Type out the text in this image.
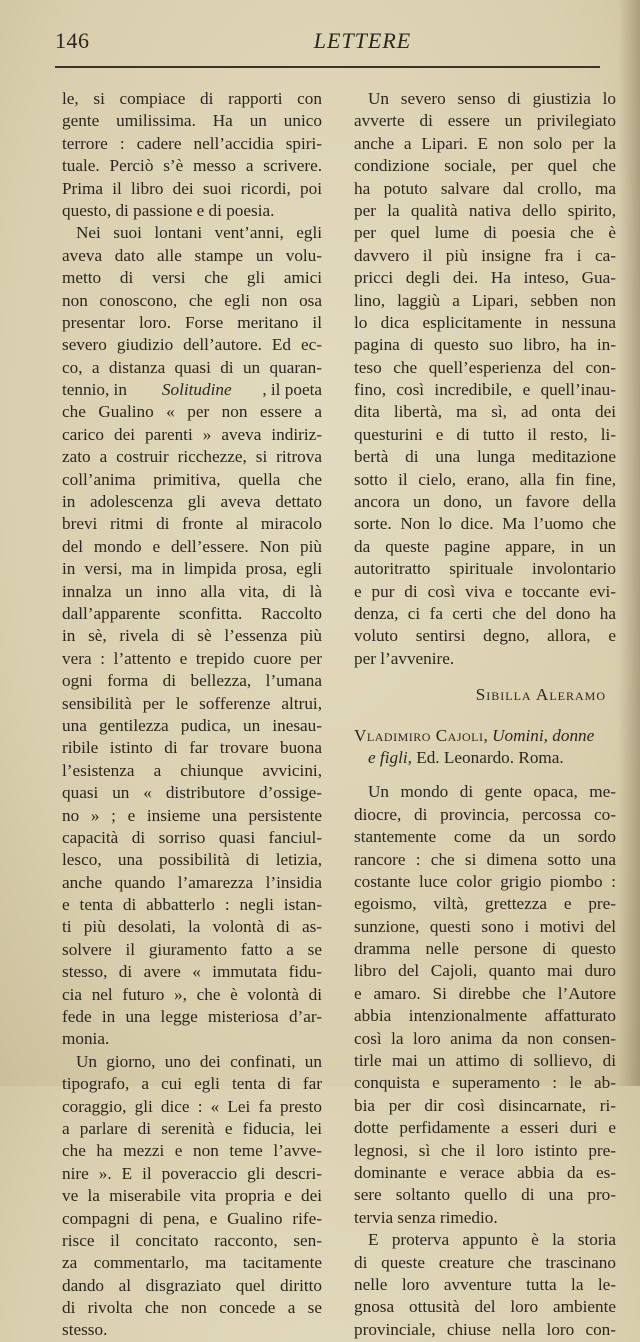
146	LETTERE
le, si compiace di rapporti con
gente umilissima. Ha un unico
terrore : cadere nell’accidia spiri-
tuale. Perciò s’è messo a scrivere.
Prima il libro dei suoi ricordi, poi
questo, di passione e di poesia.
Nei suoi lontani vent’anni, egli
aveva dato alle stampe un volu-
metto di versi che gli amici
non conoscono, che egli non osa
presentar loro. Forse meritano il
severo giudizio dell’autore. Ed ec-
co, a distanza quasi di un quaran-
tennio, in Solitudine , il poeta
che Gualino « per non essere a
carico dei parenti » aveva indiriz-
zato a costruir ricchezze, si ritrova
coll’anima primitiva, quella che
in adolescenza gli aveva dettato
brevi ritmi di fronte al miracolo
del mondo e dell’essere. Non più
in versi, ma in limpida prosa, egli
innalza un inno alla vita, di là
dall’apparente sconfitta. Raccolto
in sè, rivela di sè l’essenza più
vera : l’attento e trepido cuore per
ogni forma di bellezza, l’umana
sensibilità per le sofferenze altrui,
una gentilezza pudica, un inesau-
ribile istinto di far trovare buona
l’esistenza a chiunque avvicini,
quasi un « distributore d’ossige-
no » ; e insieme una persistente
capacità di sorriso quasi fanciul-
lesco, una possibilità di letizia,
anche quando l’amarezza l’insidia
e tenta di abbatterlo : negli istan-
ti più desolati, la volontà di as-
solvere il giuramento fatto a se
stesso, di avere « immutata fidu-
cia nel futuro », che è volontà di
fede in una legge misteriosa d’ar-
monia.
Un giorno, uno dei confinati, un
tipografo, a cui egli tenta di far
coraggio, gli dice : « Lei fa presto
a parlare di serenità e fiducia, lei
che ha mezzi e non teme l’avve-
nire ». E il poveraccio gli descri-
ve la miserabile vita propria e dei
compagni di pena, e Gualino rife-
risce il concitato racconto, sen-
za commentarlo, ma tacitamente
dando al disgraziato quel diritto
di rivolta che non concede a se
stesso.
Un severo senso di giustizia lo
avverte di essere un privilegiato
anche a Lipari. E non solo per la
condizione sociale, per quel che
ha potuto salvare dal crollo, ma
per la qualità nativa dello spirito,
per quel lume di poesia che è
davvero il più insigne fra i ca-
pricci degli dei. Ha inteso, Gua-
lino, laggiù a Lipari, sebben non
lo dica esplicitamente in nessuna
pagina di questo suo libro, ha in-
teso che quell’esperienza del con-
fino, così incredibile, e quell’inau-
dita libertà, ma sì, ad onta dei
questurini e di tutto il resto, li-
bertà di una lunga meditazione
sotto il cielo, erano, alla fin fine,
ancora un dono, un favore della
sorte. Non lo dice. Ma l’uomo che
da queste pagine appare, in un
autoritratto spirituale involontario
e pur di così viva e toccante evi-
denza, ci fa certi che del dono ha
voluto sentirsi degno, allora, e
per l’avvenire.
Sibilla Aleramo
Vladimiro Cajoli , Uomini, donne
e figli , Ed. Leonardo. Roma.
Un mondo di gente opaca, me-
diocre, di provincia, percossa co-
stantemente come da un sordo
rancore : che si dimena sotto una
costante luce color grigio piombo :
egoismo, viltà, grettezza e pre-
sunzione, questi sono i motivi del
dramma nelle persone di questo
libro del Cajoli, quanto mai duro
e amaro. Si direbbe che l’Autore
abbia intenzionalmente affatturato
così la loro anima da non consen-
tirle mai un attimo di sollievo, di
conquista e superamento : le ab-
bia per dir così disincarnate, ri-
dotte perfidamente a esseri duri e
legnosi, sì che il loro istinto pre-
dominante e verace abbia da es-
sere soltanto quello di una pro-
tervia senza rimedio.
E proterva appunto è la storia
di queste creature che trascinano
nelle loro avventure tutta la le-
gnosa ottusità del loro ambiente
provinciale, chiuse nella loro con-
